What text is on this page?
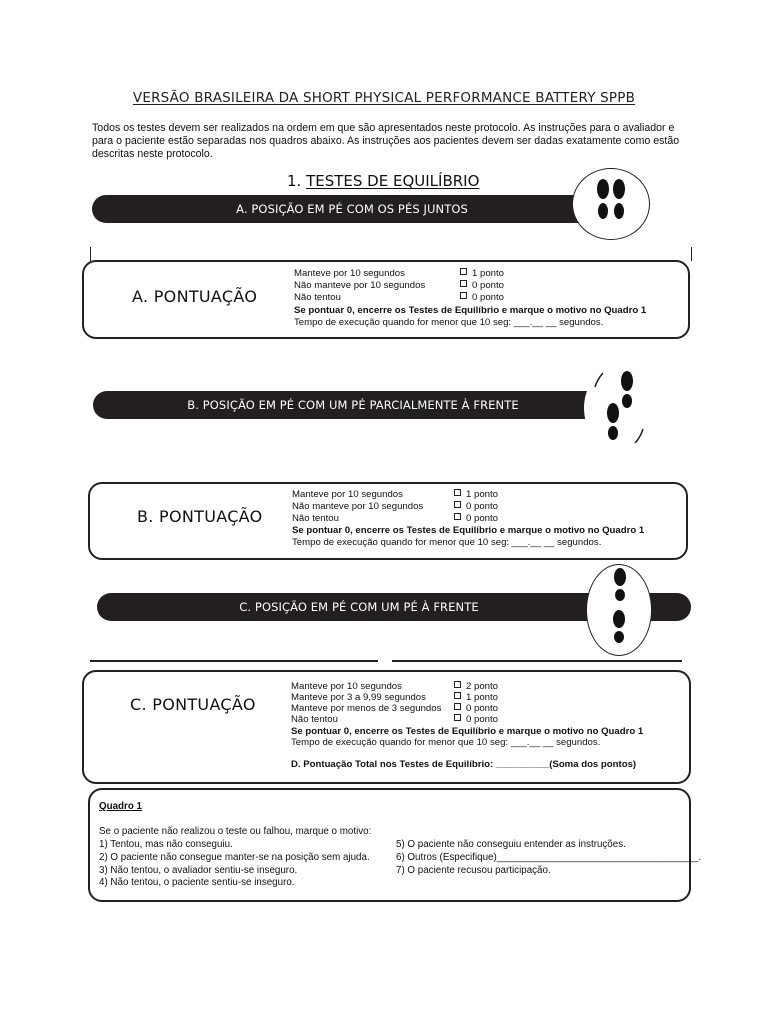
VERSÃO BRASILEIRA DA SHORT PHYSICAL PERFORMANCE BATTERY SPPB
Todos os testes devem ser realizados na ordem em que são apresentados neste protocolo. As instruções para o avaliador e para o paciente estão separadas nos quadros abaixo. As instruções aos pacientes devem ser dadas exatamente como estão descritas neste protocolo.
1. TESTES DE EQUILÍBRIO
A. POSIÇÃO EM PÉ COM OS PÉS JUNTOS
A. PONTUAÇÃO
Manteve por 10 segundos	1 ponto
Não manteve por 10 segundos	0 ponto
Não tentou	0 ponto
Se pontuar 0, encerre os Testes de Equilíbrio e marque o motivo no Quadro 1
Tempo de execução quando for menor que 10 seg: ___.__ __ segundos.
B. POSIÇÃO EM PÉ COM UM PÉ PARCIALMENTE À FRENTE
B. PONTUAÇÃO
Manteve por 10 segundos	1 ponto
Não manteve por 10 segundos	0 ponto
Não tentou	0 ponto
Se pontuar 0, encerre os Testes de Equilíbrio e marque o motivo no Quadro 1
Tempo de execução quando for menor que 10 seg: ___.__ __ segundos.
C. POSIÇÃO EM PÉ COM UM PÉ À FRENTE
C. PONTUAÇÃO
Manteve por 10 segundos	2 ponto
Manteve por 3 a 9,99 segundos	1 ponto
Manteve por menos de 3 segundos	0 ponto
Não tentou	0 ponto
Se pontuar 0, encerre os Testes de Equilíbrio e marque o motivo no Quadro 1
Tempo de execução quando for menor que 10 seg: ___.__ __ segundos.
D. Pontuação Total nos Testes de Equilíbrio: __________(Soma dos pontos)
Quadro 1
Se o paciente não realizou o teste ou falhou, marque o motivo:
1) Tentou, mas não conseguiu.
2) O paciente não consegue manter-se na posição sem ajuda.
3) Não tentou, o avaliador sentiu-se inseguro.
4) Não tentou, o paciente sentiu-se inseguro.
5) O paciente não conseguiu entender as instruções.
6) Outros (Especifique)_____________________________________.
7) O paciente recusou participação.
